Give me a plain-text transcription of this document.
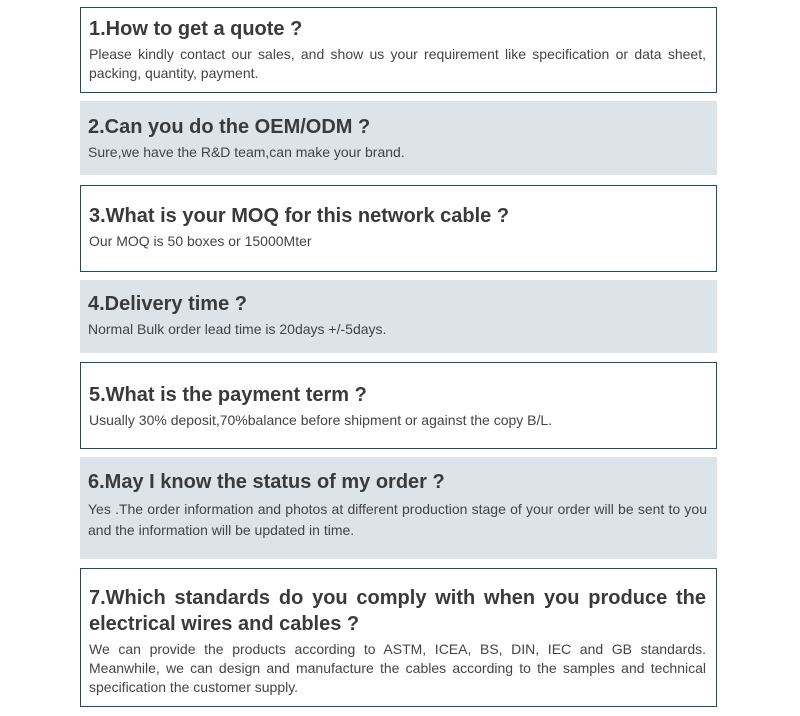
1.How to get a quote ?
Please kindly contact our sales, and show us your requirement like specification or data sheet, packing, quantity, payment.
2.Can you do the OEM/ODM ?
Sure,we have the R&D team,can make your brand.
3.What is your MOQ for this network cable ?
Our MOQ is 50 boxes or 15000Mter
4.Delivery time ?
Normal Bulk order lead time is 20days +/-5days.
5.What is the payment term ?
Usually 30% deposit,70%balance before shipment or against the copy B/L.
6.May I know the status of my order ?
Yes .The order information and photos at different production stage of your order will be sent to you and the information will be updated in time.
7.Which standards do you comply with when you produce the electrical wires and cables ?
We can provide the products according to ASTM, ICEA, BS, DIN, IEC and GB standards. Meanwhile, we can design and manufacture the cables according to the samples and technical specification the customer supply.
